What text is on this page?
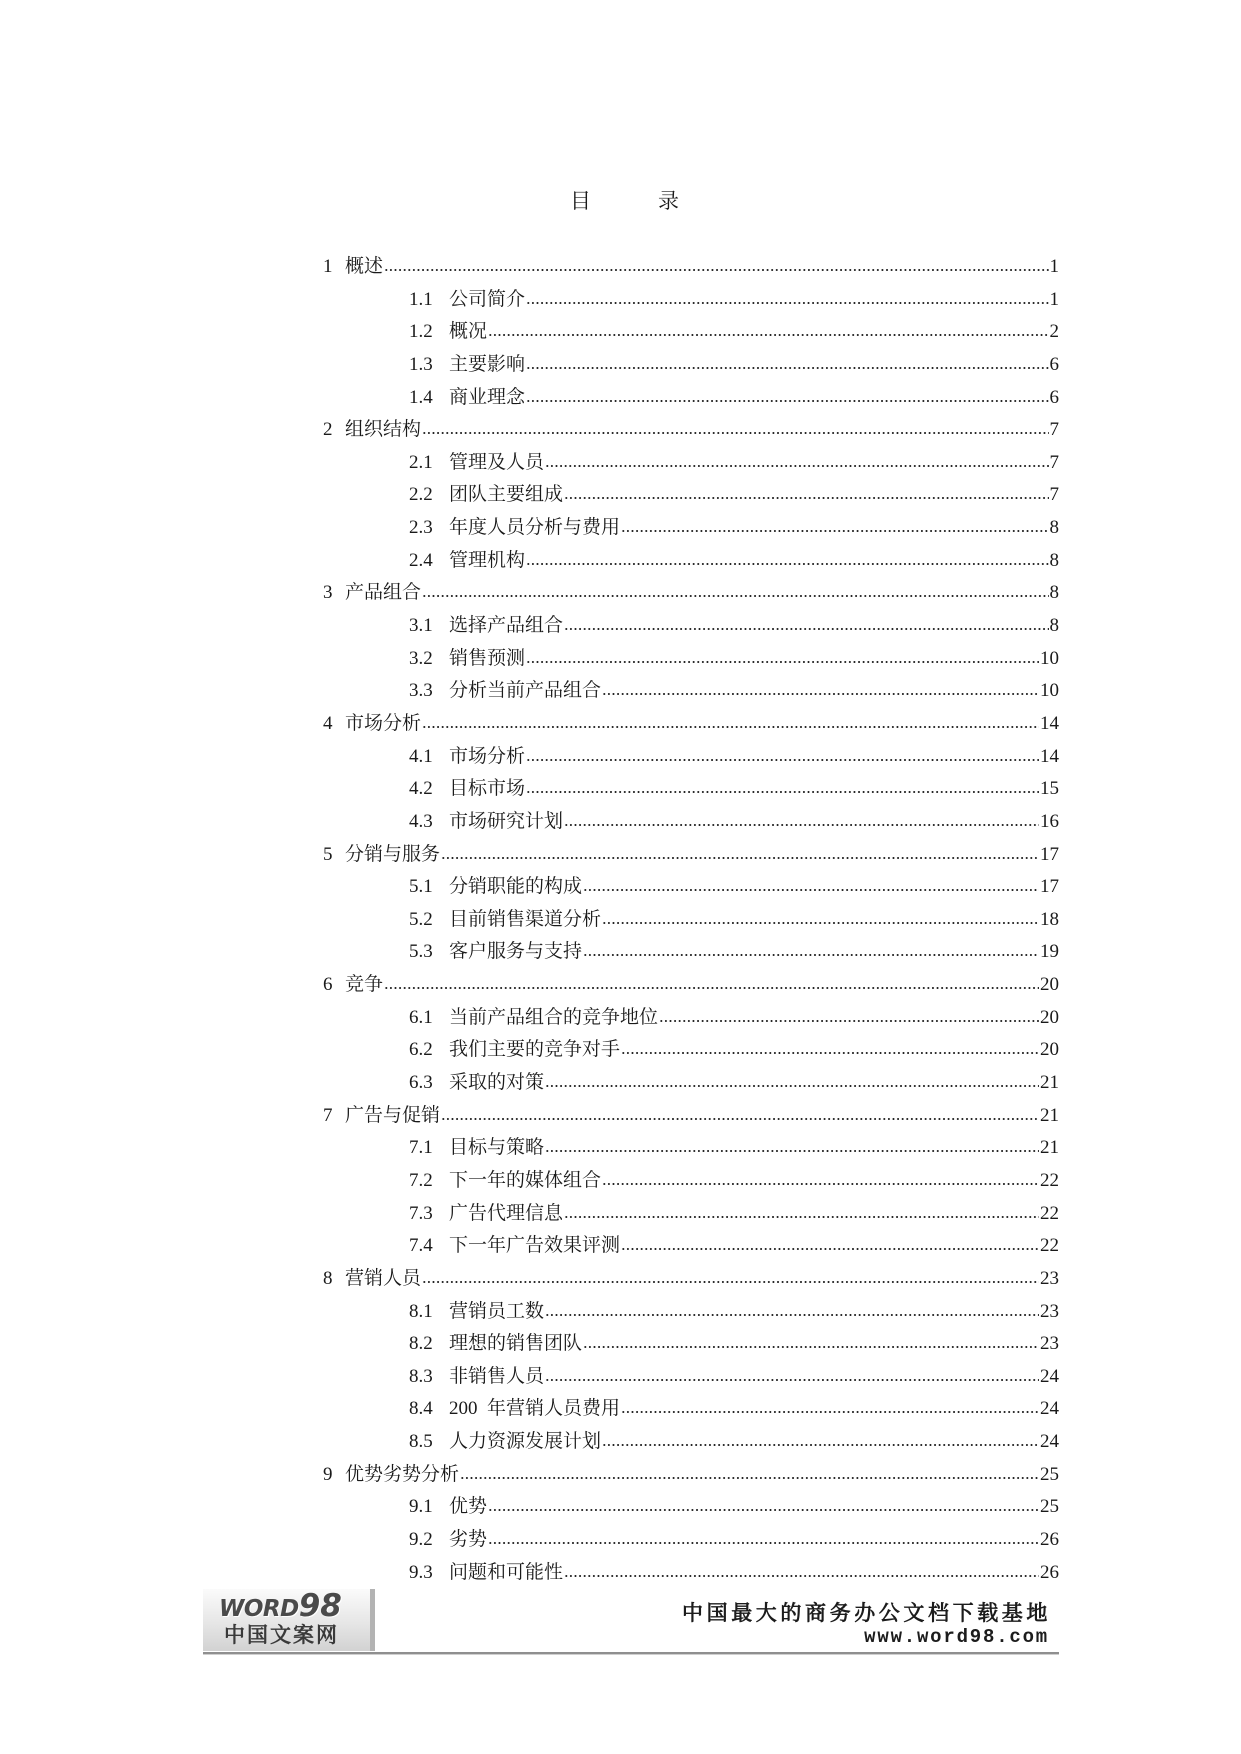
目	录
1 概述	1
1.1 公司简介	1
1.2 概况	2
1.3 主要影响	6
1.4 商业理念	6
2 组织结构	7
2.1 管理及人员	7
2.2 团队主要组成	7
2.3 年度人员分析与费用	8
2.4 管理机构	8
3 产品组合	8
3.1 选择产品组合	8
3.2 销售预测	10
3.3 分析当前产品组合	10
4 市场分析	14
4.1 市场分析	14
4.2 目标市场	15
4.3 市场研究计划	16
5 分销与服务	17
5.1 分销职能的构成	17
5.2 目前销售渠道分析	18
5.3 客户服务与支持	19
6 竞争	20
6.1 当前产品组合的竞争地位	20
6.2 我们主要的竞争对手	20
6.3 采取的对策	21
7 广告与促销	21
7.1 目标与策略	21
7.2 下一年的媒体组合	22
7.3 广告代理信息	22
7.4 下一年广告效果评测	22
8 营销人员	23
8.1 营销员工数	23
8.2 理想的销售团队	23
8.3 非销售人员	24
8.4 200  年营销人员费用	24
8.5 人力资源发展计划	24
9 优势劣势分析	25
9.1 优势	25
9.2 劣势	26
9.3 问题和可能性	26
WORD98
中国文案网
中国最大的商务办公文档下载基地
www.word98.com
